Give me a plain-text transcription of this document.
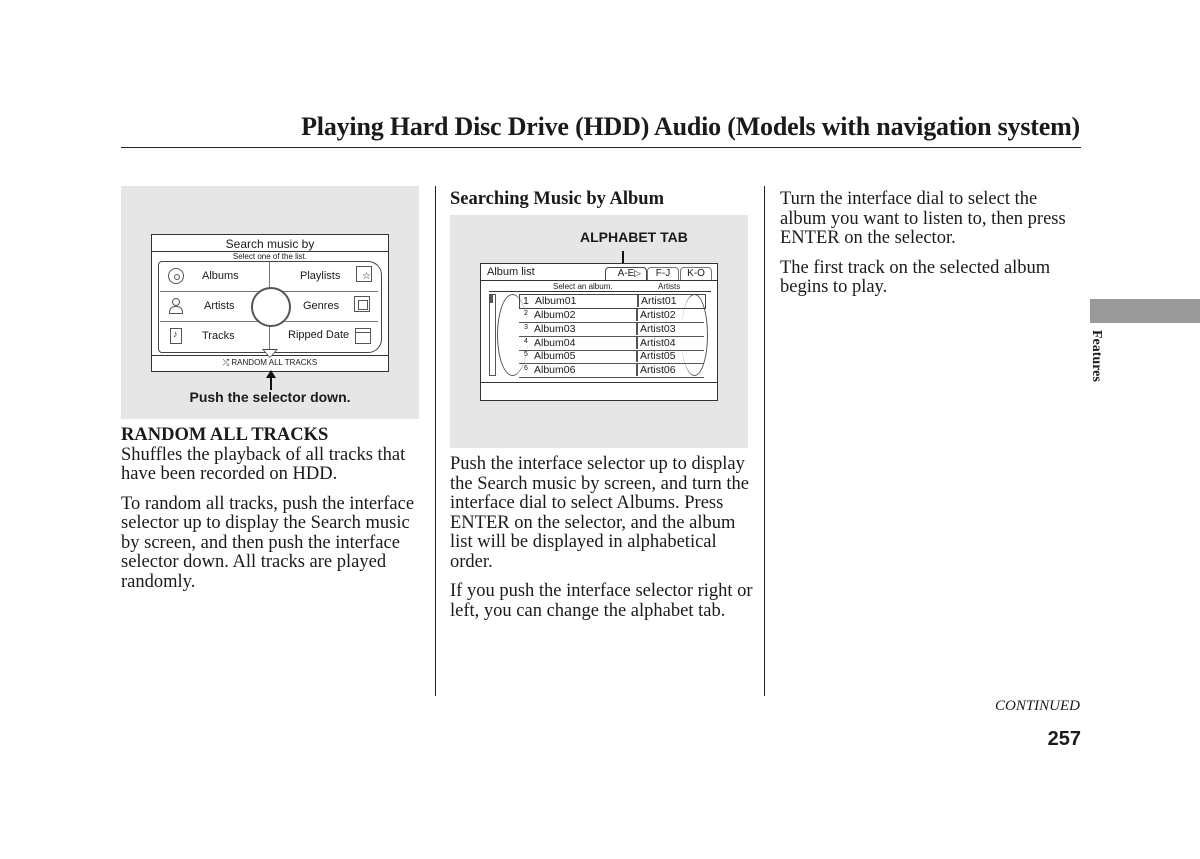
Playing Hard Disc Drive (HDD) Audio (Models with navigation system)
Search music by
Select one of the list.
Albums	Playlists ☆
Artists	Genres
♪ Tracks	Ripped Date
⤮ RANDOM ALL TRACKS
Push the selector down.
RANDOM ALL TRACKS

Shuffles the playback of all tracks that have been recorded on HDD.

To random all tracks, push the interface selector up to display the Search music by screen, and then push the interface selector down. All tracks are played randomly.

Searching Music by Album
ALPHABET TAB
Album list	A-E ▷	F-J	K-O
Select an album.	Artists
1 Album01	Artist01
2 Album02	Artist02
3 Album03	Artist03
4 Album04	Artist04
5 Album05	Artist05
6 Album06	Artist06

Push the interface selector up to display the Search music by screen, and turn the interface dial to select Albums. Press ENTER on the selector, and the album list will be displayed in alphabetical order.

If you push the interface selector right or left, you can change the alphabet tab.

Turn the interface dial to select the album you want to listen to, then press ENTER on the selector.

The first track on the selected album begins to play.

Features
CONTINUED
257
